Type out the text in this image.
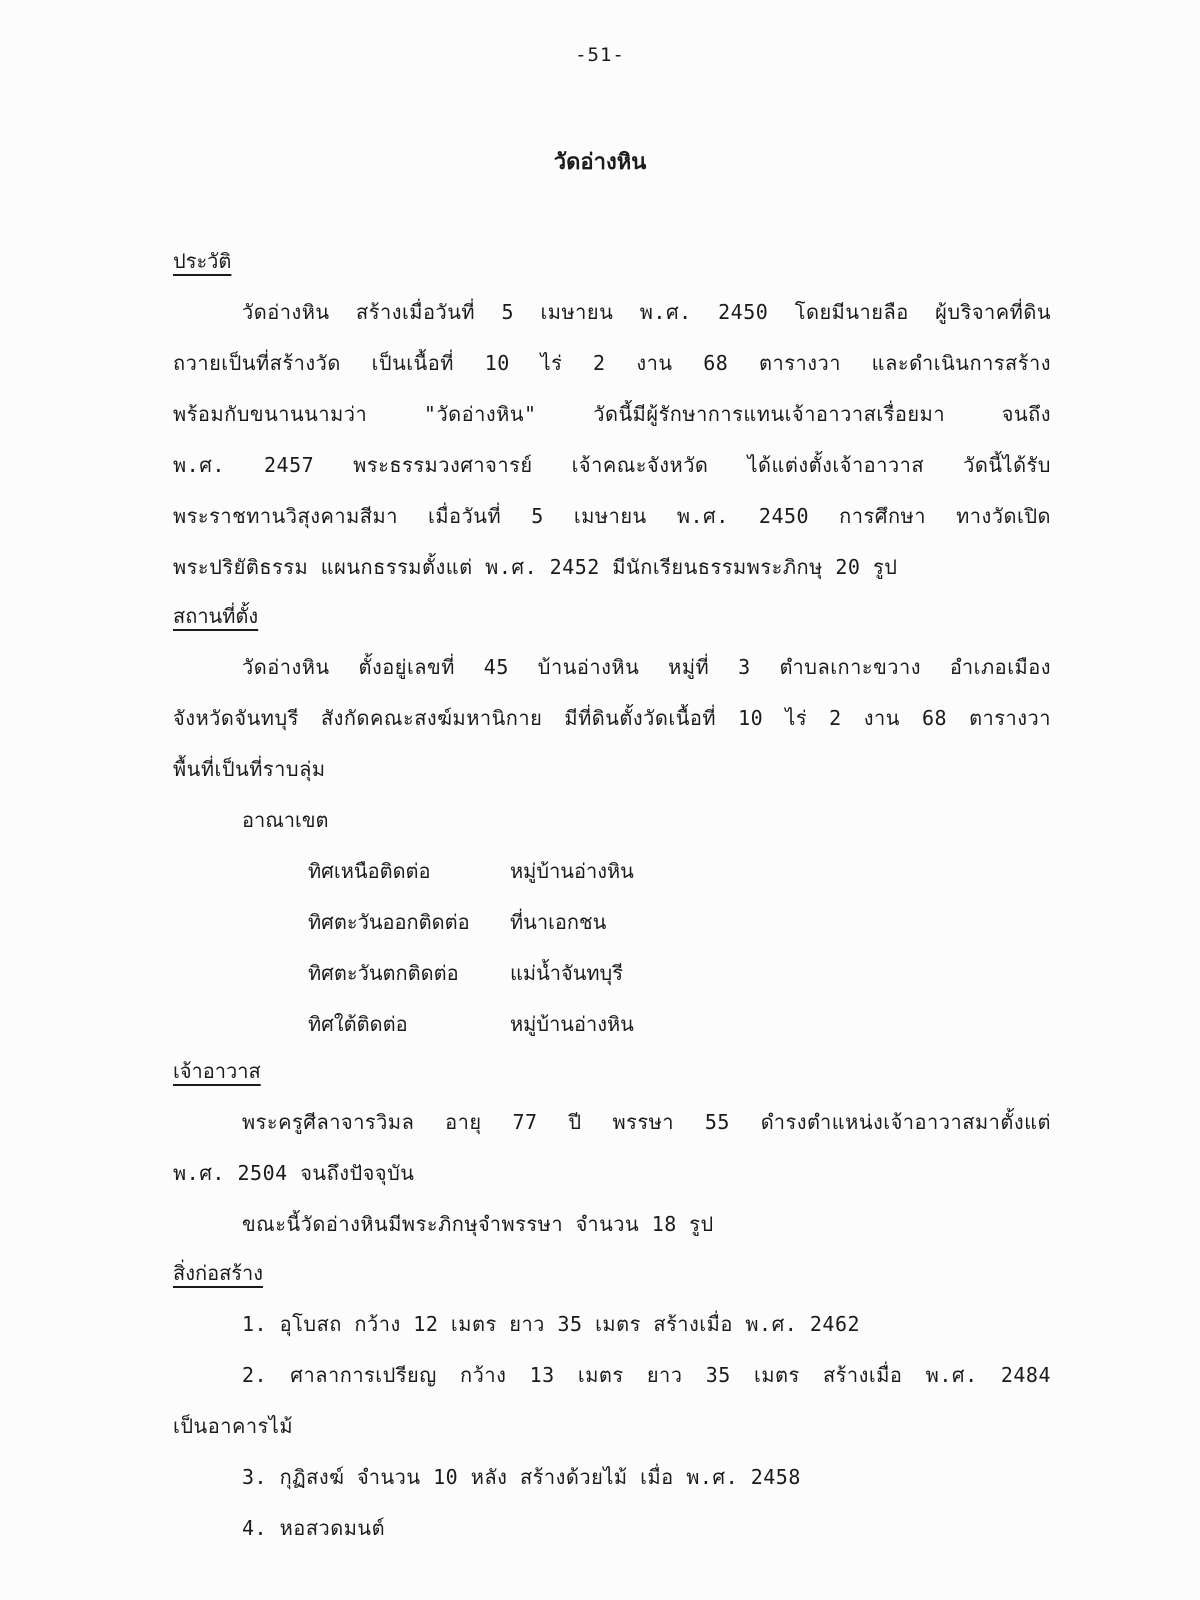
-51-
วัดอ่างหิน
ประวัติ
วัดอ่างหิน สร้างเมื่อวันที่ 5 เมษายน พ.ศ. 2450 โดยมีนายลือ ผู้บริจาคที่ดิน
ถวายเป็นที่สร้างวัด เป็นเนื้อที่ 10 ไร่ 2 งาน 68 ตารางวา และดำเนินการสร้าง
พร้อมกับขนานนามว่า "วัดอ่างหิน" วัดนี้มีผู้รักษาการแทนเจ้าอาวาสเรื่อยมา จนถึง
พ.ศ. 2457 พระธรรมวงศาจารย์ เจ้าคณะจังหวัด ได้แต่งตั้งเจ้าอาวาส วัดนี้ได้รับ
พระราชทานวิสุงคามสีมา เมื่อวันที่ 5 เมษายน พ.ศ. 2450 การศึกษา ทางวัดเปิด
พระปริยัติธรรม แผนกธรรมตั้งแต่ พ.ศ. 2452 มีนักเรียนธรรมพระภิกษุ 20 รูป
สถานที่ตั้ง
วัดอ่างหิน ตั้งอยู่เลขที่ 45 บ้านอ่างหิน หมู่ที่ 3 ตำบลเกาะขวาง อำเภอเมือง
จังหวัดจันทบุรี สังกัดคณะสงฆ์มหานิกาย มีที่ดินตั้งวัดเนื้อที่ 10 ไร่ 2 งาน 68 ตารางวา
พื้นที่เป็นที่ราบลุ่ม
อาณาเขต
ทิศเหนือติดต่อ	หมู่บ้านอ่างหิน
ทิศตะวันออกติดต่อ ที่นาเอกชน
ทิศตะวันตกติดต่อ	แม่น้ำจันทบุรี
ทิศใต้ติดต่อ	หมู่บ้านอ่างหิน
เจ้าอาวาส
พระครูศีลาจารวิมล อายุ 77 ปี พรรษา 55 ดำรงตำแหน่งเจ้าอาวาสมาตั้งแต่
พ.ศ. 2504 จนถึงปัจจุบัน
ขณะนี้วัดอ่างหินมีพระภิกษุจำพรรษา จำนวน 18 รูป
สิ่งก่อสร้าง
1. อุโบสถ กว้าง 12 เมตร ยาว 35 เมตร สร้างเมื่อ พ.ศ. 2462
2. ศาลาการเปรียญ กว้าง 13 เมตร ยาว 35 เมตร สร้างเมื่อ พ.ศ. 2484
เป็นอาคารไม้
3. กุฏิสงฆ์ จำนวน 10 หลัง สร้างด้วยไม้ เมื่อ พ.ศ. 2458
4. หอสวดมนต์
